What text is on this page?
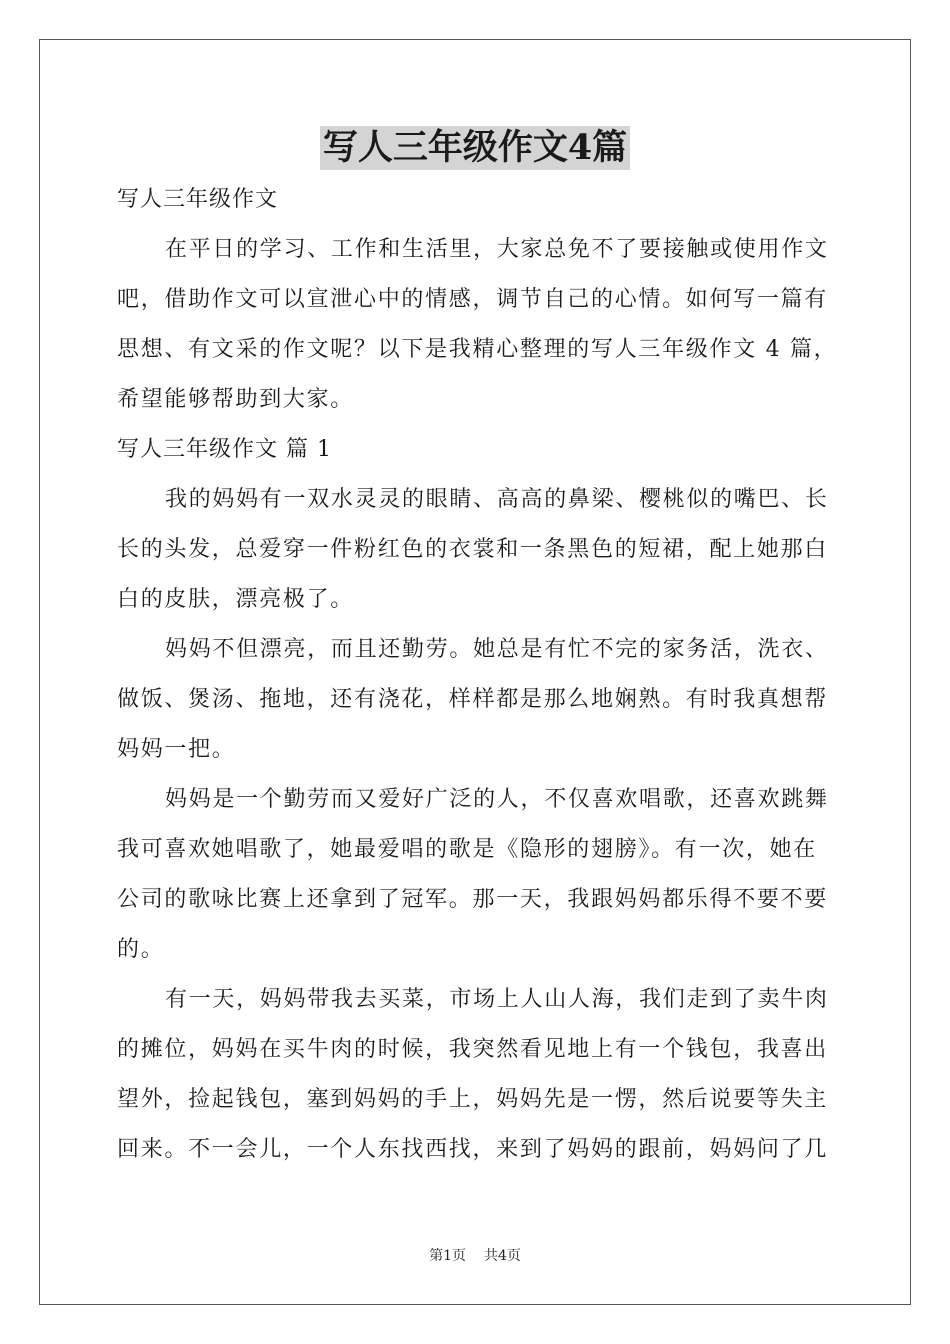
写人三年级作文4篇
写人三年级作文
在平日的学习、工作和生活里，大家总免不了要接触或使用作文
吧，借助作文可以宣泄心中的情感，调节自己的心情。如何写一篇有
思想、有文采的作文呢？以下是我精心整理的写人三年级作文 4 篇，
希望能够帮助到大家。
写人三年级作文 篇 1
我的妈妈有一双水灵灵的眼睛、高高的鼻梁、樱桃似的嘴巴、长
长的头发，总爱穿一件粉红色的衣裳和一条黑色的短裙，配上她那白
白的皮肤，漂亮极了。
妈妈不但漂亮，而且还勤劳。她总是有忙不完的家务活，洗衣、
做饭、煲汤、拖地，还有浇花，样样都是那么地娴熟。有时我真想帮
妈妈一把。
妈妈是一个勤劳而又爱好广泛的人，不仅喜欢唱歌，还喜欢跳舞
我可喜欢她唱歌了，她最爱唱的歌是《隐形的翅膀》。有一次，她在
公司的歌咏比赛上还拿到了冠军。那一天，我跟妈妈都乐得不要不要
的。
有一天，妈妈带我去买菜，市场上人山人海，我们走到了卖牛肉
的摊位，妈妈在买牛肉的时候，我突然看见地上有一个钱包，我喜出
望外，捡起钱包，塞到妈妈的手上，妈妈先是一愣，然后说要等失主
回来。不一会儿，一个人东找西找，来到了妈妈的跟前，妈妈问了几
第1页 共4页
